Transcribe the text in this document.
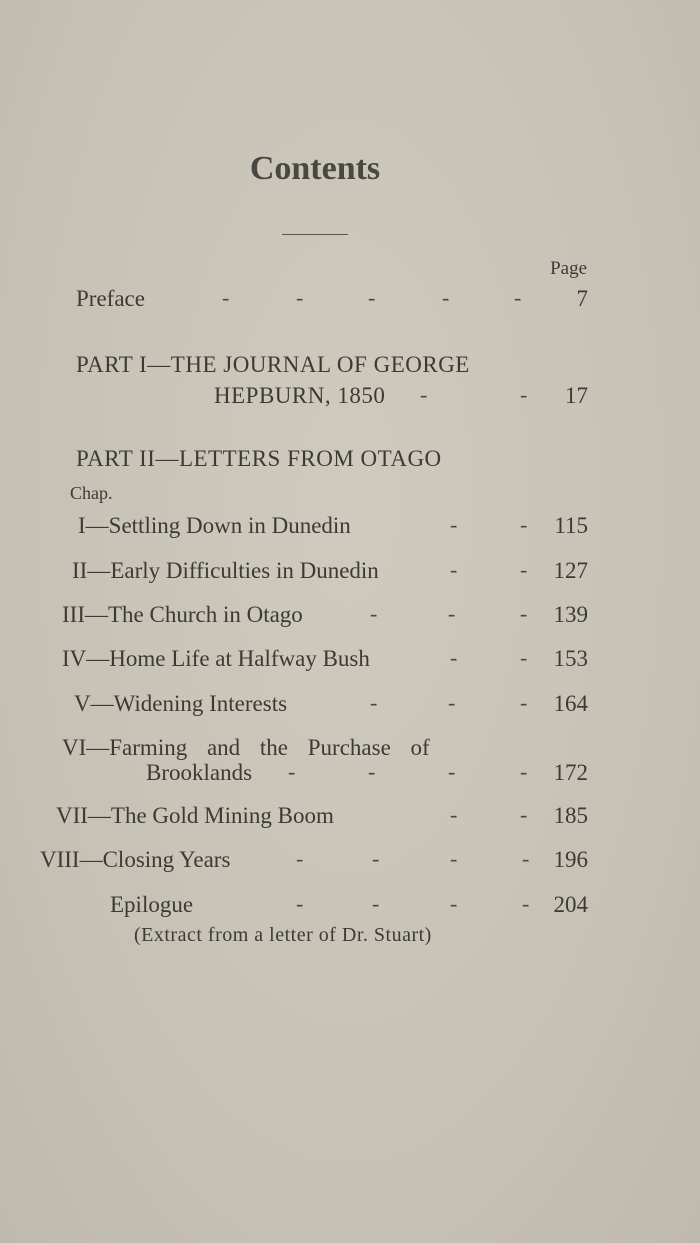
Contents
Page
Preface	-	-	-	-	- 7
PART I—THE JOURNAL OF GEORGE
HEPBURN, 1850 -	- 17
PART II—LETTERS FROM OTAGO
Chap.
I—Settling Down in Dunedin	-	- 115
II—Early Difficulties in Dunedin	-	- 127
III—The Church in Otago	-	-	- 139
IV—Home Life at Halfway Bush	-	- 153
V—Widening Interests	-	-	- 164
VI—Farming and the Purchase of
Brooklands -	-	-	- 172
VII—The Gold Mining Boom	-	- 185
VIII—Closing Years	-	-	-	- 196
Epilogue	-	-	-	- 204
(Extract from a letter of Dr. Stuart)
